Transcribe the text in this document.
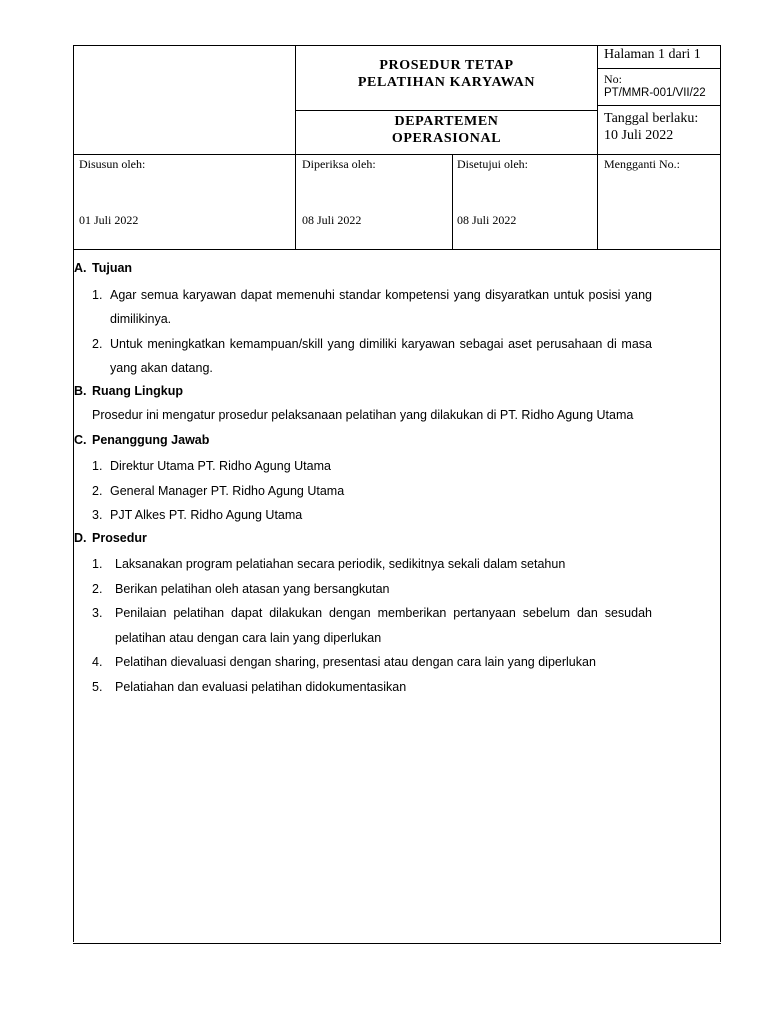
PROSEDUR TETAP
PELATIHAN KARYAWAN
DEPARTEMEN
OPERASIONAL
Halaman 1 dari 1
No:
PT/MMR-001/VII/22
Tanggal berlaku:
10 Juli 2022
Disusun oleh:
01 Juli 2022
Diperiksa oleh:
08 Juli 2022
Disetujui oleh:
08 Juli 2022
Mengganti No.:
A. Tujuan
1. Agar semua karyawan dapat memenuhi standar kompetensi yang disyaratkan untuk posisi yang dimilikinya.
2. Untuk meningkatkan kemampuan/skill yang dimiliki karyawan sebagai aset perusahaan di masa yang akan datang.
B. Ruang Lingkup
Prosedur ini mengatur prosedur pelaksanaan pelatihan yang dilakukan di PT. Ridho Agung Utama
C. Penanggung Jawab
1. Direktur Utama PT. Ridho Agung Utama
2. General Manager PT. Ridho Agung Utama
3. PJT Alkes PT. Ridho Agung Utama
D. Prosedur
1. Laksanakan program pelatiahan secara periodik, sedikitnya sekali dalam setahun
2. Berikan pelatihan oleh atasan yang bersangkutan
3. Penilaian pelatihan dapat dilakukan dengan memberikan pertanyaan sebelum dan sesudah pelatihan atau dengan cara lain yang diperlukan
4. Pelatihan dievaluasi dengan sharing, presentasi atau dengan cara lain yang diperlukan
5. Pelatiahan dan evaluasi pelatihan didokumentasikan
